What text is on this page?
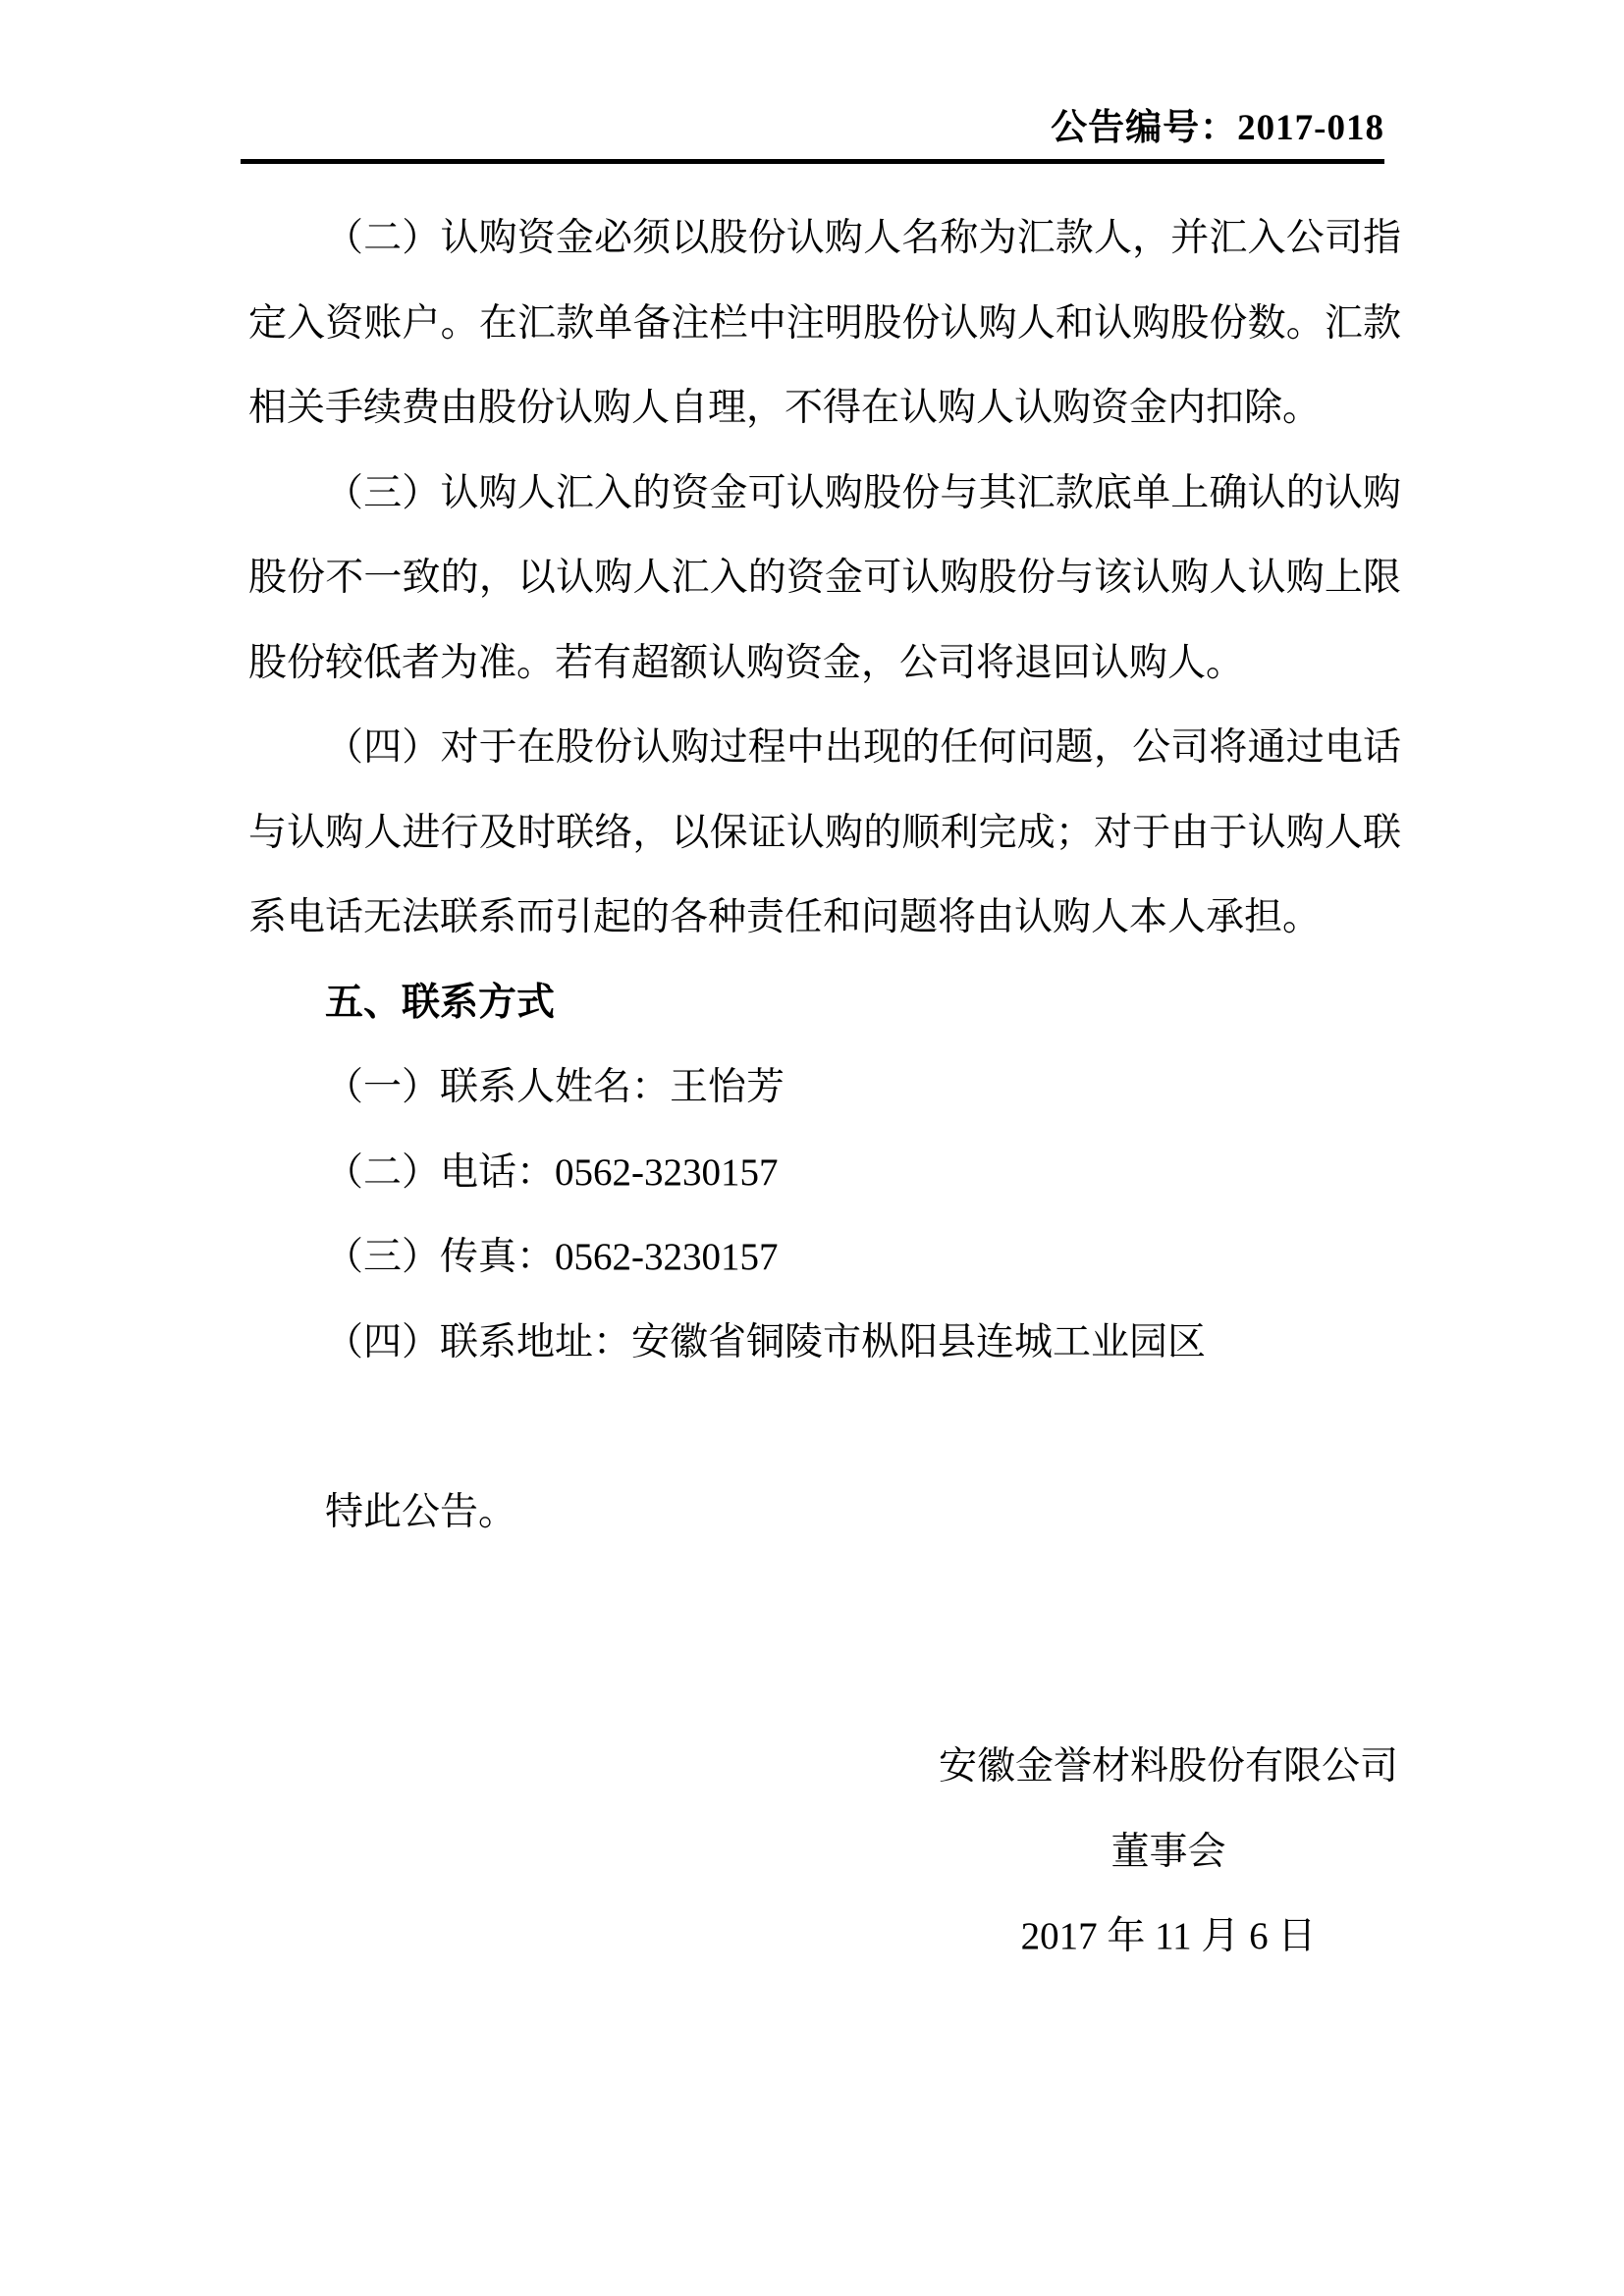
公告编号：2017-018

（二）认购资金必须以股份认购人名称为汇款人，并汇入公司指定入资账户。在汇款单备注栏中注明股份认购人和认购股份数。汇款相关手续费由股份认购人自理，不得在认购人认购资金内扣除。

（三）认购人汇入的资金可认购股份与其汇款底单上确认的认购股份不一致的，以认购人汇入的资金可认购股份与该认购人认购上限股份较低者为准。若有超额认购资金，公司将退回认购人。

（四）对于在股份认购过程中出现的任何问题，公司将通过电话与认购人进行及时联络，以保证认购的顺利完成；对于由于认购人联系电话无法联系而引起的各种责任和问题将由认购人本人承担。

五、联系方式

（一）联系人姓名：王怡芳

（二）电话：0562-3230157

（三）传真：0562-3230157

（四）联系地址：安徽省铜陵市枞阳县连城工业园区

特此公告。

安徽金誉材料股份有限公司

董事会

2017 年 11 月 6 日
